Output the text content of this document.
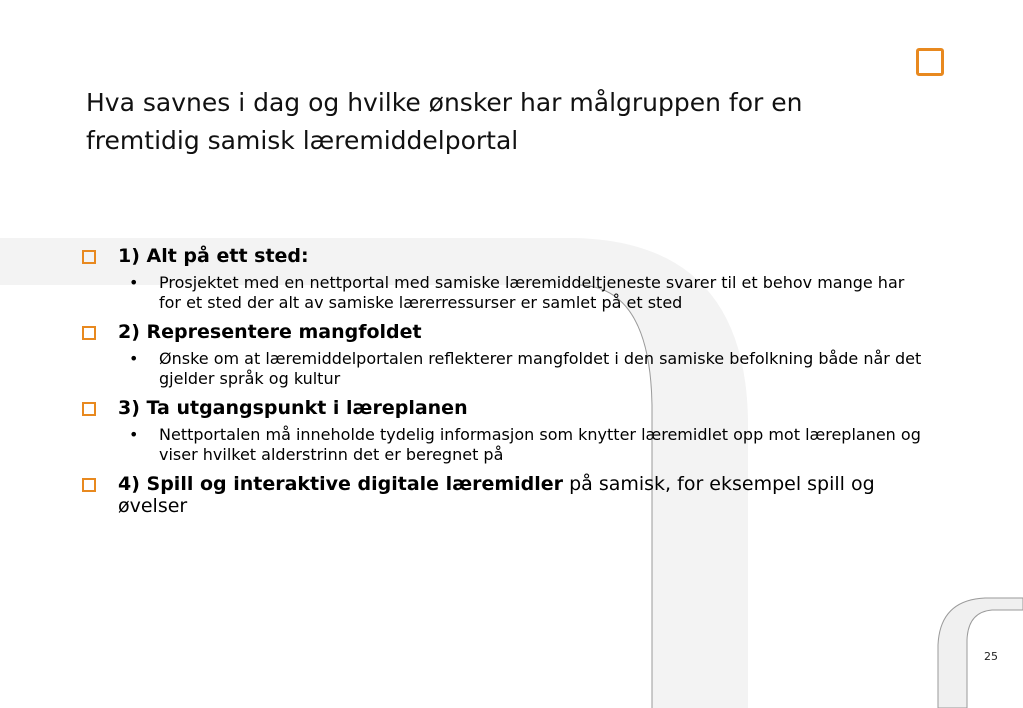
Hva savnes i dag og hvilke ønsker har målgruppen for en fremtidig samisk læremiddelportal
1) Alt på ett sted:
•	Prosjektet med en nettportal med samiske læremiddeltjeneste svarer til et behov mange har for et sted der alt av samiske lærerressurser er samlet på et sted
2) Representere mangfoldet
•	Ønske om at læremiddelportalen reflekterer mangfoldet i den samiske befolkning både når det gjelder språk og kultur
3) Ta utgangspunkt i læreplanen
•	Nettportalen må inneholde tydelig informasjon som knytter læremidlet opp mot læreplanen og viser hvilket alderstrinn det er beregnet på
4) Spill og interaktive digitale læremidler på samisk, for eksempel spill og øvelser
25
